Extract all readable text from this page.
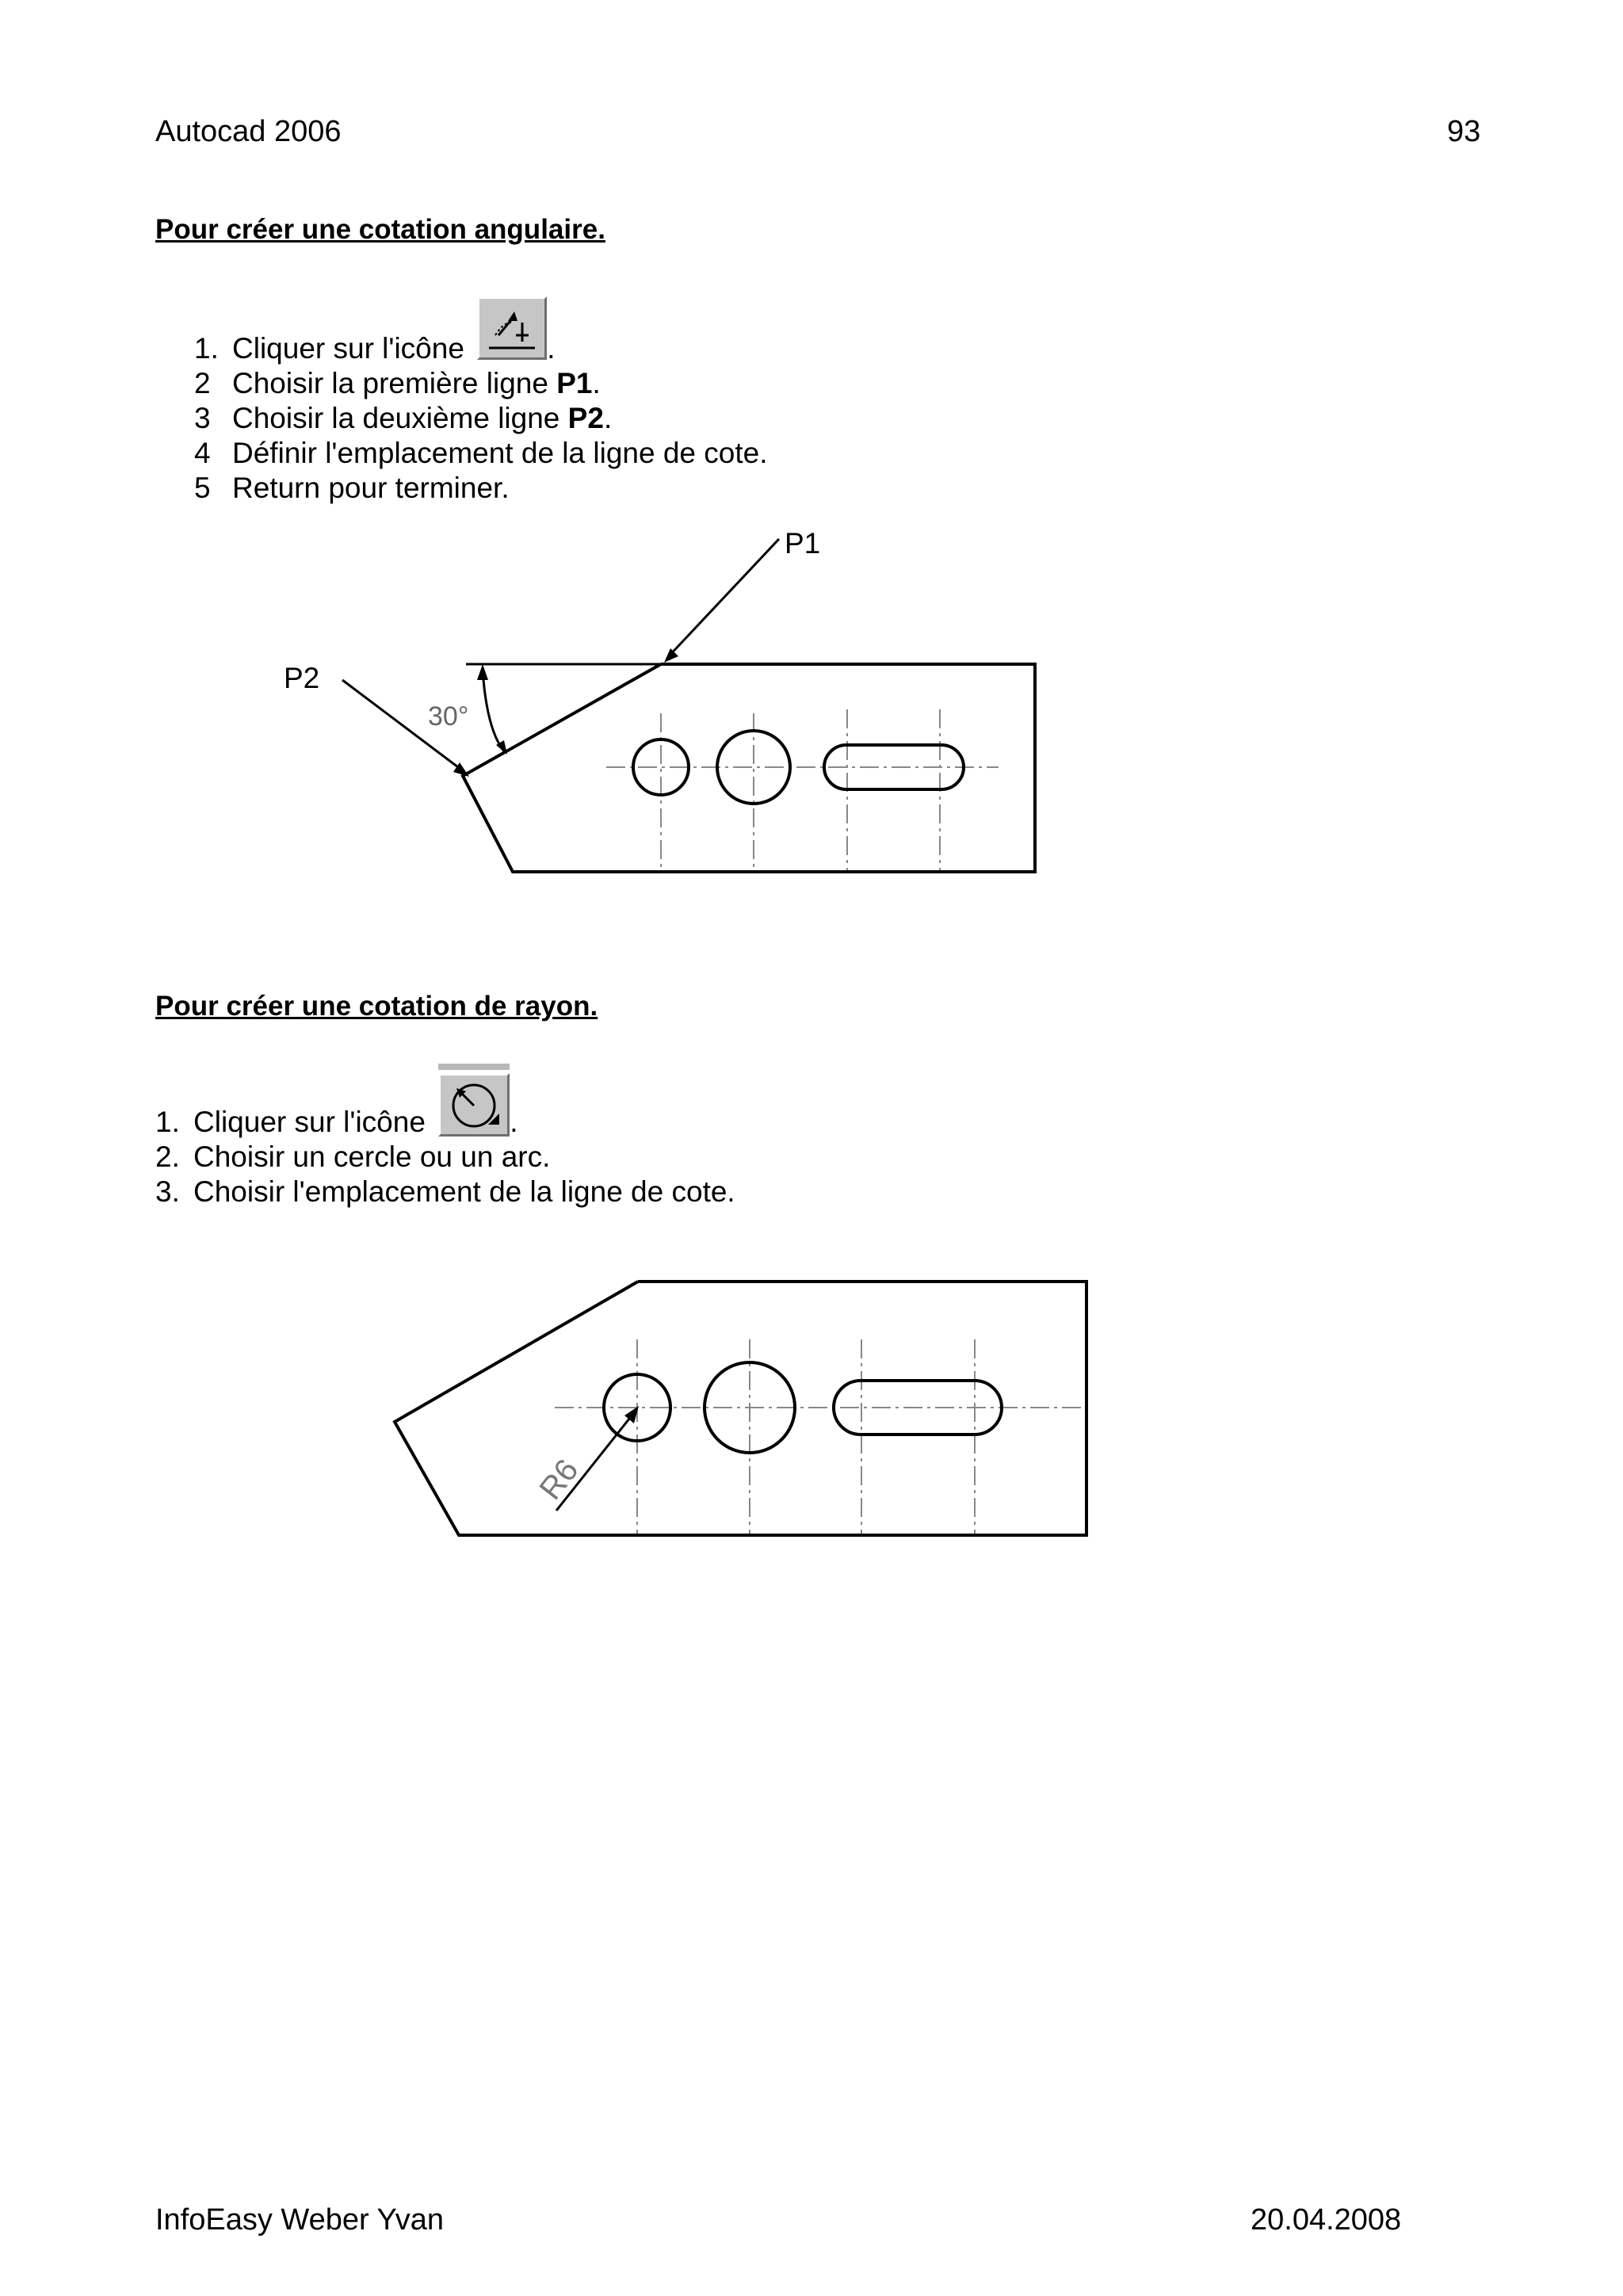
Autocad 2006	93
Pour créer une cotation angulaire.
1. Cliquer sur l'icône	.
2 Choisir la première ligne P1.
3 Choisir la deuxième ligne P2.
4 Définir l'emplacement de la ligne de cote.
5 Return pour terminer.
30°
P1
P2
Pour créer une cotation de rayon.
1. Cliquer sur l'icône	.
2. Choisir un cercle ou un arc.
3. Choisir l'emplacement de la ligne de cote.
R6
InfoEasy Weber Yvan	20.04.2008
